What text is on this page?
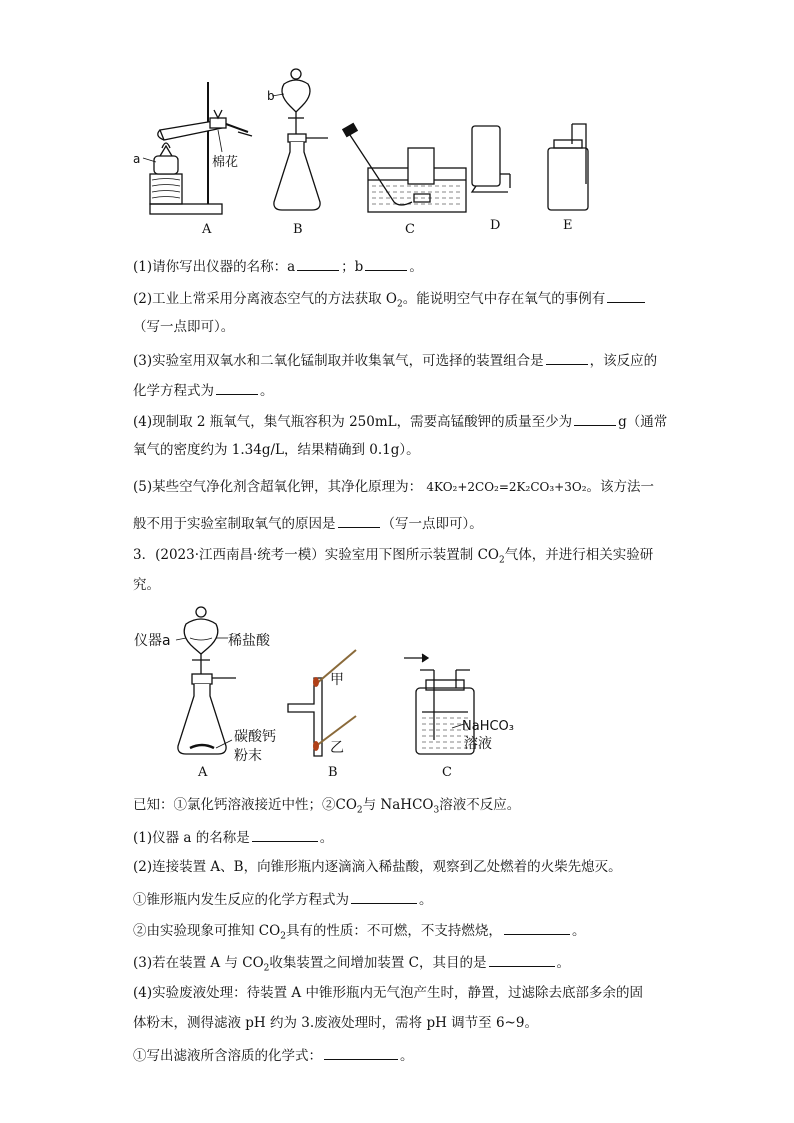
a	棉花
b
A	B	C	D	E
(1)请你写出仪器的名称：a	；b	。
(2)工业上常采用分离液态空气的方法获取 $O_2$。能说明空气中存在氧气的事例有
（写一点即可）。
(3)实验室用双氧水和二氧化锰制取并收集氧气，可选择的装置组合是	，该反应的
化学方程式为	。
(4)现制取 2 瓶氧气，集气瓶容积为 250mL，需要高锰酸钾的质量至少为	g（通常
氧气的密度约为 1.34g/L，结果精确到 0.1g）。
(5)某些空气净化剂含超氧化钾，其净化原理为： 4KO₂+2CO₂=2K₂CO₃+3O₂。该方法一
般不用于实验室制取氧气的原因是	（写一点即可）。
3．(2023·江西南昌·统考一模）实验室用下图所示装置制 $CO_2$气体，并进行相关实验研
究。
仪器a	稀盐酸
碳酸钙
粉末
甲
乙
NaHCO₃
溶液
A	B	C
已知：①氯化钙溶液接近中性；$②CO_2$与 NaHCO$_3$溶液不反应。
(1)仪器 a 的名称是	。
(2)连接装置 A、B，向锥形瓶内逐滴滴入稀盐酸，观察到乙处燃着的火柴先熄灭。
①锥形瓶内发生反应的化学方程式为	。
②由实验现象可推知 $CO_2$具有的性质：不可燃，不支持燃烧，	。
(3)若在装置 A 与 $CO_2$收集装置之间增加装置 C，其目的是	。
(4)实验废液处理：待装置 A 中锥形瓶内无气泡产生时，静置，过滤除去底部多余的固
体粉末，测得滤液 pH 约为 3.废液处理时，需将 pH 调节至 6~9。
①写出滤液所含溶质的化学式：	。
